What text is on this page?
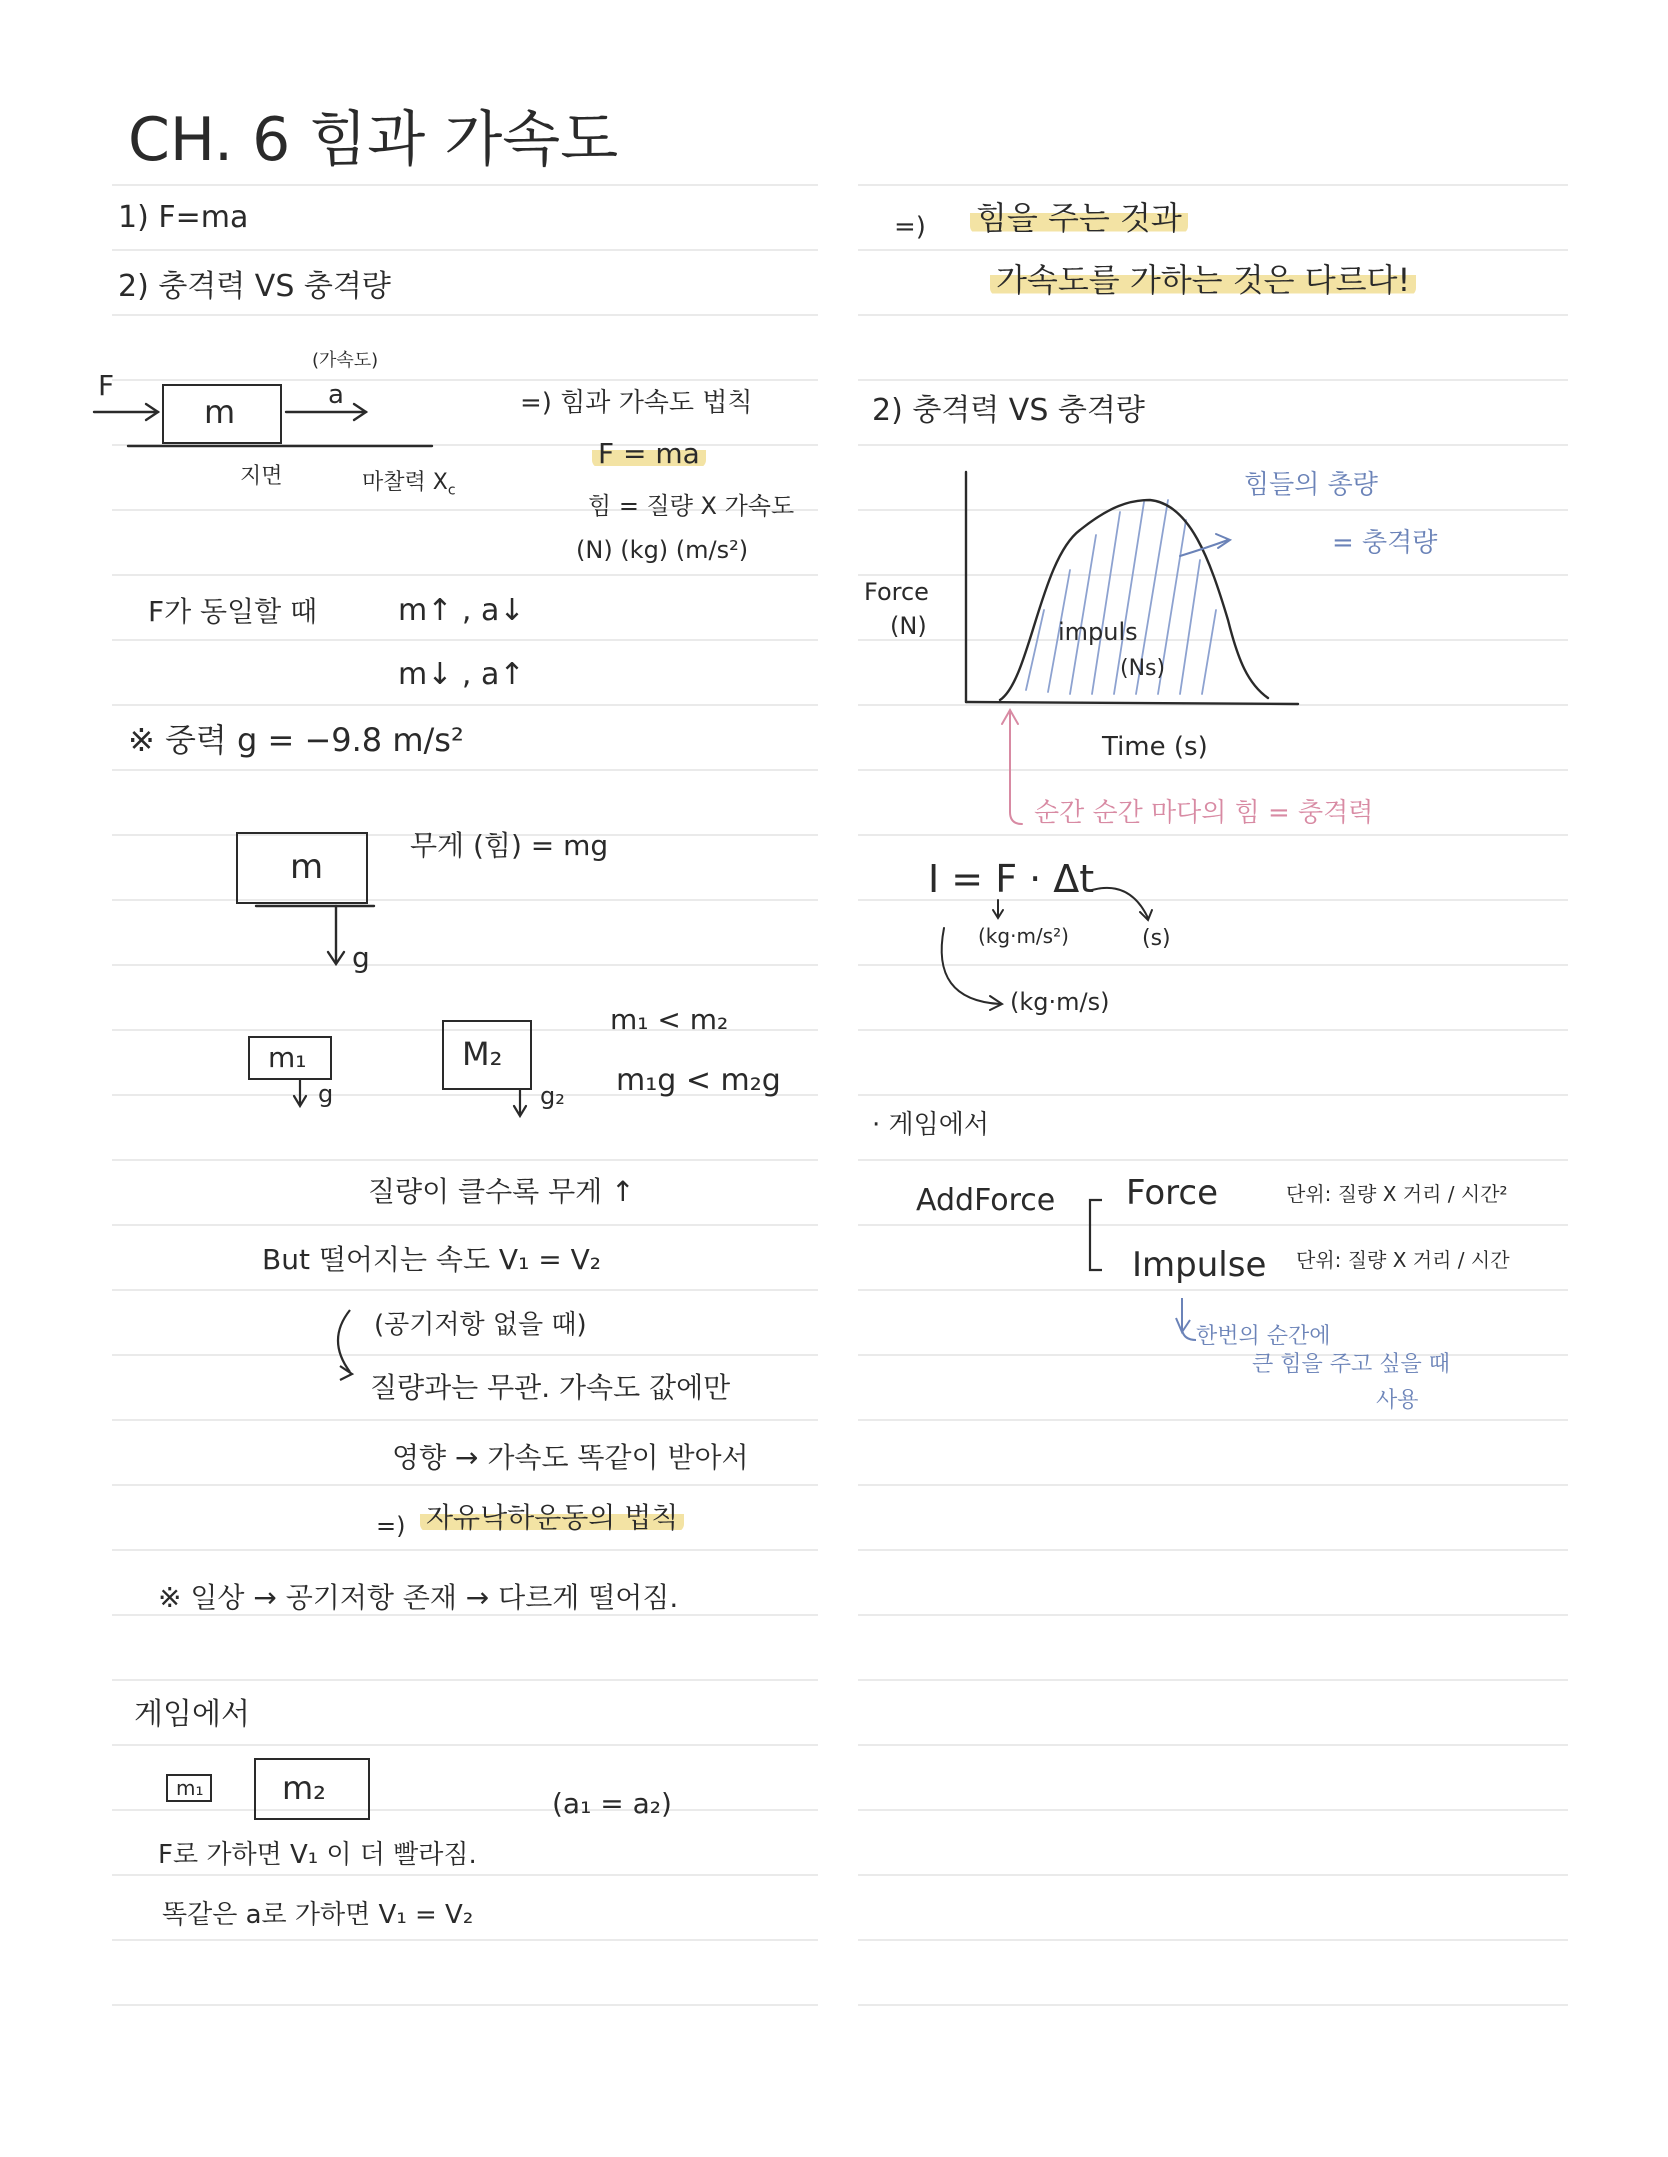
CH. 6 힘과 가속도
1) F=ma
2) 충격력 VS 충격량
(가속도)
F	a
m
지면	마찰력 $X_c$
=) 힘과 가속도 법칙
F = ma
힘 = 질량 X 가속도
(N) (kg) (m/s²)
F가 동일할 때	m↑ , a↓
m↓ , a↑
※ 중력 g = −9.8 m/s²
m
무게 (힘) = mg
g
m₁
g
M₂
g₂
m₁ < m₂
m₁g < m₂g
질량이 클수록 무게 ↑
But 떨어지는 속도 V₁ = V₂
(공기저항 없을 때)
질량과는 무관. 가속도 값에만
영향 → 가속도 똑같이 받아서
=) 자유낙하운동의 법칙
※ 일상 → 공기저항 존재 → 다르게 떨어짐.
게임에서
m₁ m₂	(a₁ = a₂)
F로 가하면 V₁ 이 더 빨라짐.
똑같은 a로 가하면 V₁ = V₂
=) 힘을 주는 것과
가속도를 가하는 것은 다르다!
2) 충격력 VS 충격량
Force
(N)	impuls
(Ns)
힘들의 총량
= 충격량
Time (s)
순간 순간 마다의 힘 = 충격력
I = F · Δt
(kg·m/s²)	(s)
(kg·m/s)
· 게임에서
AddForce Force	단위: 질량 X 거리 / 시간²
Impulse 단위: 질량 X 거리 / 시간
한번의 순간에
큰 힘을 주고 싶을 때
사용
